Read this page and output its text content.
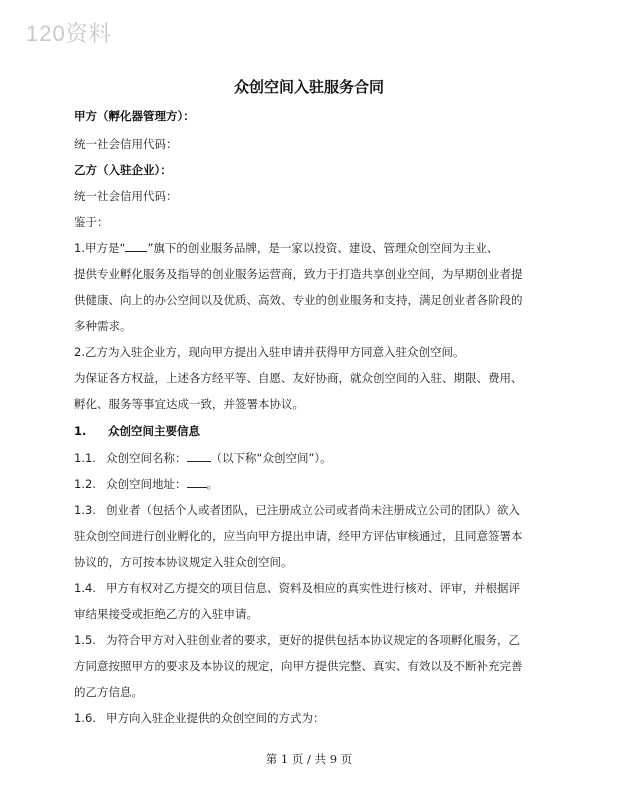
120资料
众创空间入驻服务合同
甲方（孵化器管理方）：
统一社会信用代码：
乙方（入驻企业）：
统一社会信用代码：
鉴于：
1.甲方是“ ”旗下的创业服务品牌，是一家以投资、建设、管理众创空间为主业、
提供专业孵化服务及指导的创业服务运营商，致力于打造共享创业空间，为早期创业者提
供健康、向上的办公空间以及优质、高效、专业的创业服务和支持，满足创业者各阶段的
多种需求。
2.乙方为入驻企业方，现向甲方提出入驻申请并获得甲方同意入驻众创空间。
为保证各方权益，上述各方经平等、自愿、友好协商，就众创空间的入驻、期限、费用、
孵化、服务等事宜达成一致，并签署本协议。
1. 众创空间主要信息
1.1. 众创空间名称： （以下称“众创空间”）。
1.2. 众创空间地址： 。
1.3. 创业者（包括个人或者团队，已注册成立公司或者尚未注册成立公司的团队）欲入
驻众创空间进行创业孵化的，应当向甲方提出申请，经甲方评估审核通过，且同意签署本
协议的，方可按本协议规定入驻众创空间。
1.4. 甲方有权对乙方提交的项目信息、资料及相应的真实性进行核对、评审，并根据评
审结果接受或拒绝乙方的入驻申请。
1.5. 为符合甲方对入驻创业者的要求，更好的提供包括本协议规定的各项孵化服务，乙
方同意按照甲方的要求及本协议的规定，向甲方提供完整、真实、有效以及不断补充完善
的乙方信息。
1.6. 甲方向入驻企业提供的众创空间的方式为：
第 1 页 / 共 9 页
